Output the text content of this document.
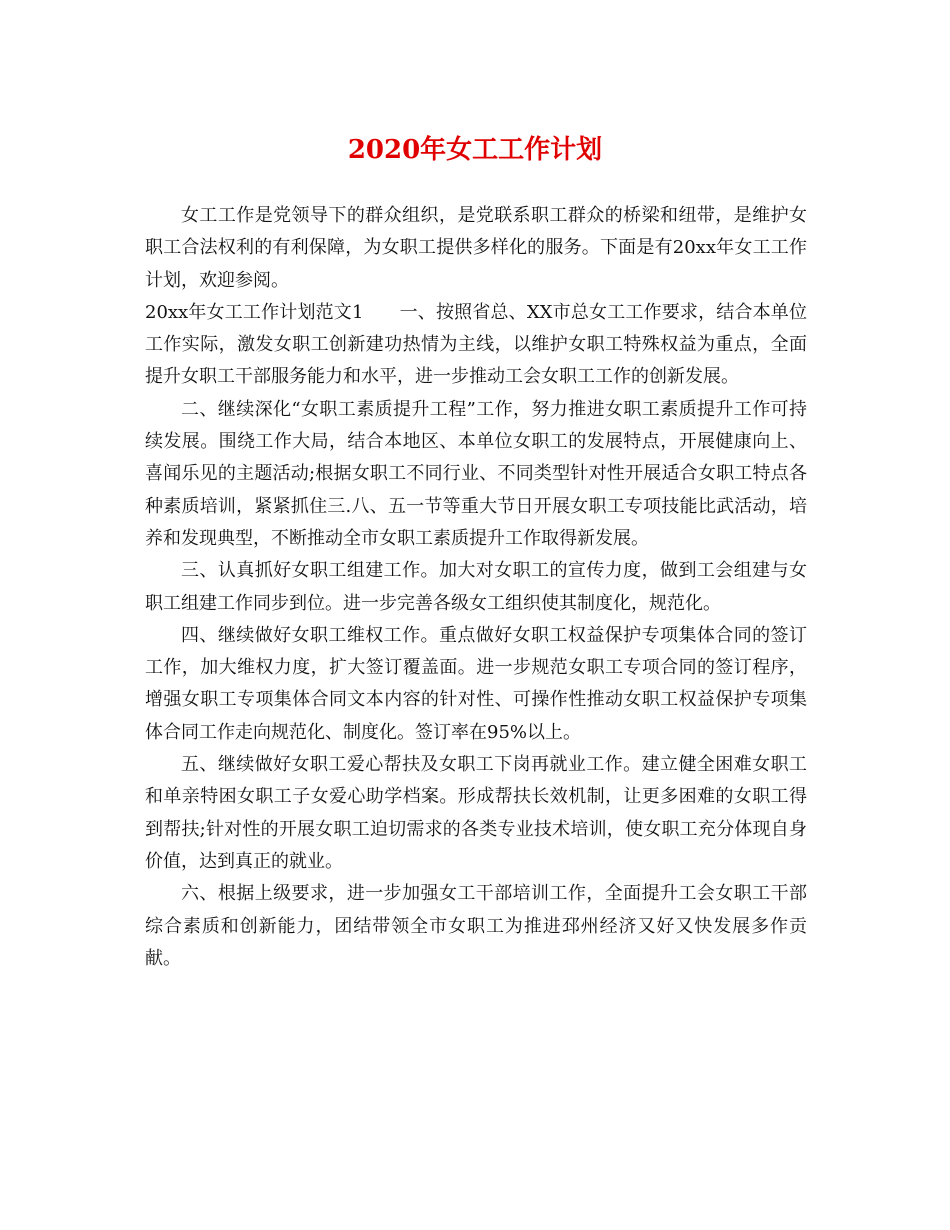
2020年女工工作计划

女工工作是党领导下的群众组织，是党联系职工群众的桥梁和纽带，是维护女职工合法权利的有利保障，为女职工提供多样化的服务。下面是有20xx年女工工作计划，欢迎参阅。

20xx年女工工作计划范文1 一、按照省总、XX市总女工工作要求，结合本单位工作实际，激发女职工创新建功热情为主线，以维护女职工特殊权益为重点，全面提升女职工干部服务能力和水平，进一步推动工会女职工工作的创新发展。

二、继续深化“女职工素质提升工程”工作，努力推进女职工素质提升工作可持续发展。围绕工作大局，结合本地区、本单位女职工的发展特点，开展健康向上、喜闻乐见的主题活动;根据女职工不同行业、不同类型针对性开展适合女职工特点各种素质培训，紧紧抓住三.八、五一节等重大节日开展女职工专项技能比武活动，培养和发现典型，不断推动全市女职工素质提升工作取得新发展。

三、认真抓好女职工组建工作。加大对女职工的宣传力度，做到工会组建与女职工组建工作同步到位。进一步完善各级女工组织使其制度化，规范化。

四、继续做好女职工维权工作。重点做好女职工权益保护专项集体合同的签订工作，加大维权力度，扩大签订覆盖面。进一步规范女职工专项合同的签订程序，增强女职工专项集体合同文本内容的针对性、可操作性推动女职工权益保护专项集体合同工作走向规范化、制度化。签订率在95%以上。

五、继续做好女职工爱心帮扶及女职工下岗再就业工作。建立健全困难女职工和单亲特困女职工子女爱心助学档案。形成帮扶长效机制，让更多困难的女职工得到帮扶;针对性的开展女职工迫切需求的各类专业技术培训，使女职工充分体现自身价值，达到真正的就业。

六、根据上级要求，进一步加强女工干部培训工作，全面提升工会女职工干部综合素质和创新能力，团结带领全市女职工为推进邳州经济又好又快发展多作贡献。
